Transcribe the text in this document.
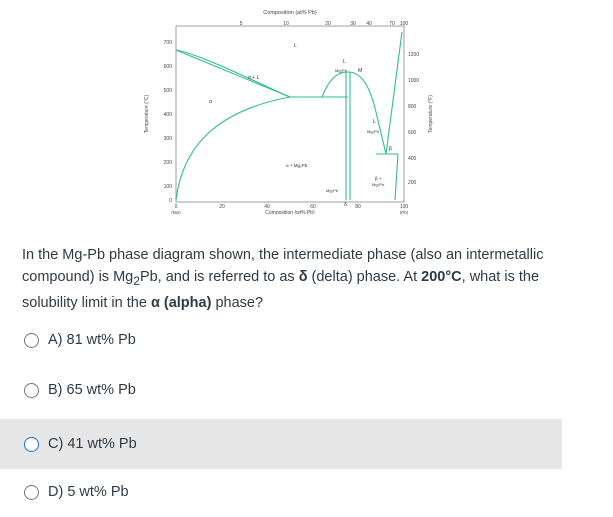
Composition (at% Pb)
5	10	20	30 40	70 100
Temperature (°C)
700
600
500
400
300
200
100
0
Temperature (°F)
1200
1000
800
600
400
200
0	20	40	60	80	100
(Mg)	(Pb)
Composition (wt% Pb)
α
α + L
L
L
Mg₂Pb M
α + Mg₂Pb
L
Mg₂Pb
Mg₂Pb
β +
Mg₂Pb
β
δ
In the Mg-Pb phase diagram shown, the intermediate phase (also an intermetallic compound) is $Mg_2Pb$, and is referred to as δ (delta) phase. At 200°C, what is the solubility limit in the α (alpha) phase?
A) 81 wt% Pb
B) 65 wt% Pb
C) 41 wt% Pb
D) 5 wt% Pb
